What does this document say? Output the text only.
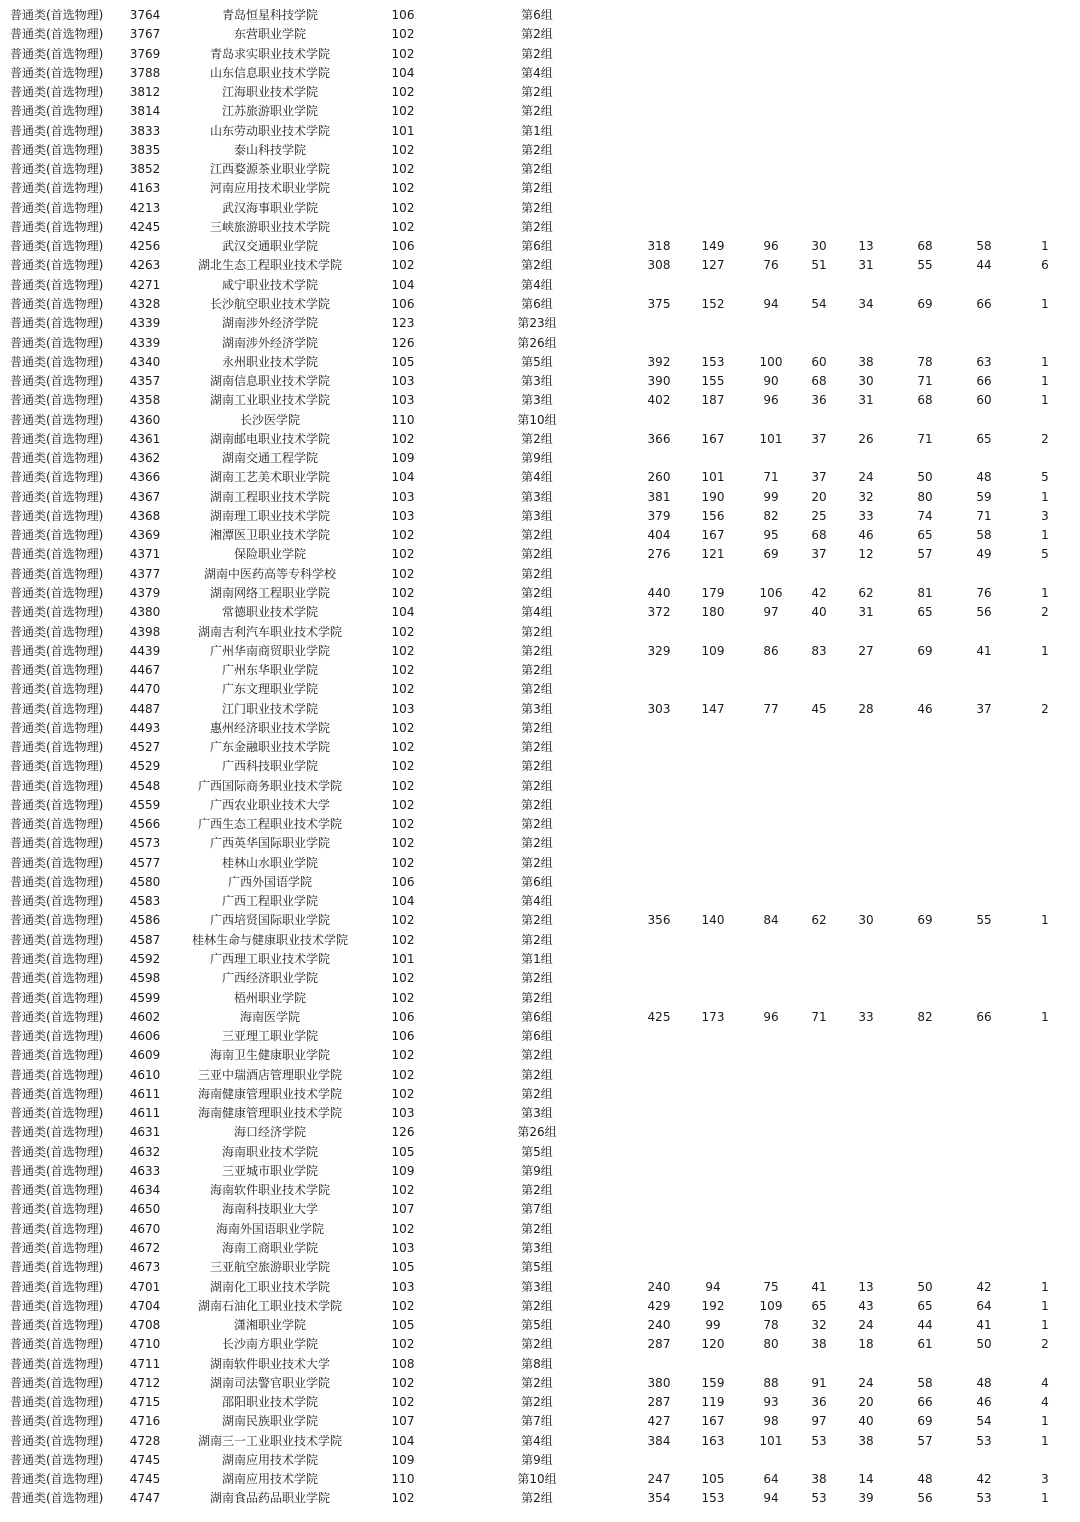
普通类(首选物理)	3764	青岛恒星科技学院	106	第6组
普通类(首选物理)	3767	东营职业学院	102	第2组
普通类(首选物理)	3769	青岛求实职业技术学院	102	第2组
普通类(首选物理)	3788	山东信息职业技术学院	104	第4组
普通类(首选物理)	3812	江海职业技术学院	102	第2组
普通类(首选物理)	3814	江苏旅游职业学院	102	第2组
普通类(首选物理)	3833	山东劳动职业技术学院	101	第1组
普通类(首选物理)	3835	泰山科技学院	102	第2组
普通类(首选物理)	3852	江西婺源茶业职业学院	102	第2组
普通类(首选物理)	4163	河南应用技术职业学院	102	第2组
普通类(首选物理)	4213	武汉海事职业学院	102	第2组
普通类(首选物理)	4245	三峡旅游职业技术学院	102	第2组
普通类(首选物理)	4256	武汉交通职业学院	106	第6组	318	149	96	30	13	68	58	1
普通类(首选物理)	4263	湖北生态工程职业技术学院	102	第2组	308	127	76	51	31	55	44	6
普通类(首选物理)	4271	咸宁职业技术学院	104	第4组
普通类(首选物理)	4328	长沙航空职业技术学院	106	第6组	375	152	94	54	34	69	66	1
普通类(首选物理)	4339	湖南涉外经济学院	123	第23组
普通类(首选物理)	4339	湖南涉外经济学院	126	第26组
普通类(首选物理)	4340	永州职业技术学院	105	第5组	392	153	100	60	38	78	63	1
普通类(首选物理)	4357	湖南信息职业技术学院	103	第3组	390	155	90	68	30	71	66	1
普通类(首选物理)	4358	湖南工业职业技术学院	103	第3组	402	187	96	36	31	68	60	1
普通类(首选物理)	4360	长沙医学院	110	第10组
普通类(首选物理)	4361	湖南邮电职业技术学院	102	第2组	366	167	101	37	26	71	65	2
普通类(首选物理)	4362	湖南交通工程学院	109	第9组
普通类(首选物理)	4366	湖南工艺美术职业学院	104	第4组	260	101	71	37	24	50	48	5
普通类(首选物理)	4367	湖南工程职业技术学院	103	第3组	381	190	99	20	32	80	59	1
普通类(首选物理)	4368	湖南理工职业技术学院	103	第3组	379	156	82	25	33	74	71	3
普通类(首选物理)	4369	湘潭医卫职业技术学院	102	第2组	404	167	95	68	46	65	58	1
普通类(首选物理)	4371	保险职业学院	102	第2组	276	121	69	37	12	57	49	5
普通类(首选物理)	4377	湖南中医药高等专科学校	102	第2组
普通类(首选物理)	4379	湖南网络工程职业学院	102	第2组	440	179	106	42	62	81	76	1
普通类(首选物理)	4380	常德职业技术学院	104	第4组	372	180	97	40	31	65	56	2
普通类(首选物理)	4398	湖南吉利汽车职业技术学院	102	第2组
普通类(首选物理)	4439	广州华南商贸职业学院	102	第2组	329	109	86	83	27	69	41	1
普通类(首选物理)	4467	广州东华职业学院	102	第2组
普通类(首选物理)	4470	广东文理职业学院	102	第2组
普通类(首选物理)	4487	江门职业技术学院	103	第3组	303	147	77	45	28	46	37	2
普通类(首选物理)	4493	惠州经济职业技术学院	102	第2组
普通类(首选物理)	4527	广东金融职业技术学院	102	第2组
普通类(首选物理)	4529	广西科技职业学院	102	第2组
普通类(首选物理)	4548	广西国际商务职业技术学院	102	第2组
普通类(首选物理)	4559	广西农业职业技术大学	102	第2组
普通类(首选物理)	4566	广西生态工程职业技术学院	102	第2组
普通类(首选物理)	4573	广西英华国际职业学院	102	第2组
普通类(首选物理)	4577	桂林山水职业学院	102	第2组
普通类(首选物理)	4580	广西外国语学院	106	第6组
普通类(首选物理)	4583	广西工程职业学院	104	第4组
普通类(首选物理)	4586	广西培贤国际职业学院	102	第2组	356	140	84	62	30	69	55	1
普通类(首选物理)	4587	桂林生命与健康职业技术学院	102	第2组
普通类(首选物理)	4592	广西理工职业技术学院	101	第1组
普通类(首选物理)	4598	广西经济职业学院	102	第2组
普通类(首选物理)	4599	梧州职业学院	102	第2组
普通类(首选物理)	4602	海南医学院	106	第6组	425	173	96	71	33	82	66	1
普通类(首选物理)	4606	三亚理工职业学院	106	第6组
普通类(首选物理)	4609	海南卫生健康职业学院	102	第2组
普通类(首选物理)	4610	三亚中瑞酒店管理职业学院	102	第2组
普通类(首选物理)	4611	海南健康管理职业技术学院	102	第2组
普通类(首选物理)	4611	海南健康管理职业技术学院	103	第3组
普通类(首选物理)	4631	海口经济学院	126	第26组
普通类(首选物理)	4632	海南职业技术学院	105	第5组
普通类(首选物理)	4633	三亚城市职业学院	109	第9组
普通类(首选物理)	4634	海南软件职业技术学院	102	第2组
普通类(首选物理)	4650	海南科技职业大学	107	第7组
普通类(首选物理)	4670	海南外国语职业学院	102	第2组
普通类(首选物理)	4672	海南工商职业学院	103	第3组
普通类(首选物理)	4673	三亚航空旅游职业学院	105	第5组
普通类(首选物理)	4701	湖南化工职业技术学院	103	第3组	240	94	75	41	13	50	42	1
普通类(首选物理)	4704	湖南石油化工职业技术学院	102	第2组	429	192	109	65	43	65	64	1
普通类(首选物理)	4708	潇湘职业学院	105	第5组	240	99	78	32	24	44	41	1
普通类(首选物理)	4710	长沙南方职业学院	102	第2组	287	120	80	38	18	61	50	2
普通类(首选物理)	4711	湖南软件职业技术大学	108	第8组
普通类(首选物理)	4712	湖南司法警官职业学院	102	第2组	380	159	88	91	24	58	48	4
普通类(首选物理)	4715	邵阳职业技术学院	102	第2组	287	119	93	36	20	66	46	4
普通类(首选物理)	4716	湖南民族职业学院	107	第7组	427	167	98	97	40	69	54	1
普通类(首选物理)	4728	湖南三一工业职业技术学院	104	第4组	384	163	101	53	38	57	53	1
普通类(首选物理)	4745	湖南应用技术学院	109	第9组
普通类(首选物理)	4745	湖南应用技术学院	110	第10组	247	105	64	38	14	48	42	3
普通类(首选物理)	4747	湖南食品药品职业学院	102	第2组	354	153	94	53	39	56	53	1
